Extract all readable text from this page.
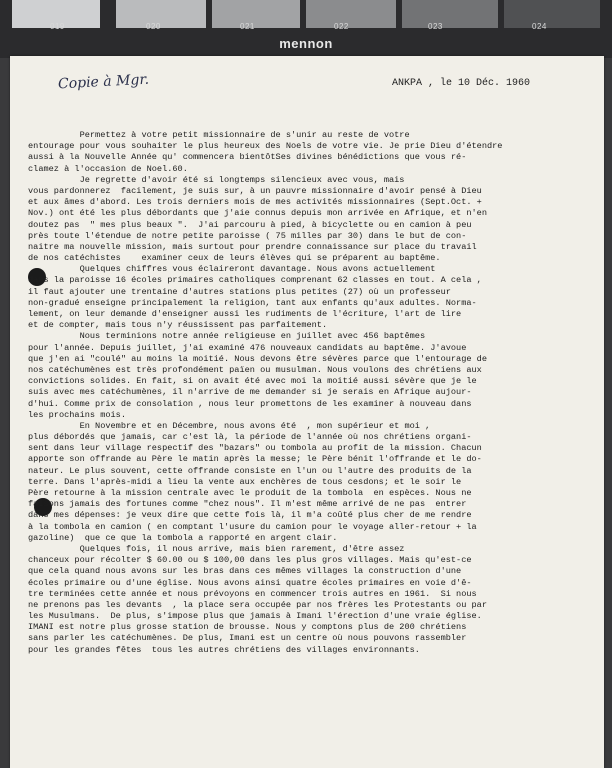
019	020	021	022	023	024
mennon
Copie à Mgr.	ANKPA , le 10 Déc. 1960
Permettez à votre petit missionnaire de s'unir au reste de votre
entourage pour vous souhaiter le plus heureux des Noels de votre vie. Je prie Dieu d'étendre
aussi à la Nouvelle Année qu' commencera bientôtSes divines bénédictions que vous ré-
clamez à l'occasion de Noel.60.
Je regrette d'avoir été si longtemps silencieux avec vous, mais
vous pardonnerez  facilement, je suis sur, à un pauvre missionnaire d'avoir pensé à Dieu
et aux âmes d'abord. Les trois derniers mois de mes activités missionnaires (Sept.Oct. +
Nov.) ont été les plus débordants que j'aie connus depuis mon arrivée en Afrique, et n'en
doutez pas  " mes plus beaux ".  J'ai parcouru à pied, à bicyclette ou en camion à peu
près toute l'étendue de notre petite paroisse ( 75 milles par 30) dans le but de con-
naitre ma nouvelle mission, mais surtout pour prendre connaissance sur place du travail
de nos catéchistes    examiner ceux de leurs élèves qui se préparent au baptême.
Quelques chiffres vous éclaireront davantage. Nous avons actuellement
dans la paroisse 16 écoles primaires catholiques comprenant 62 classes en tout. A cela ,
il faut ajouter une trentaine d'autres stations plus petites (27) où un professeur
non-gradué enseigne principalement la religion, tant aux enfants qu'aux adultes. Norma-
lement, on leur demande d'enseigner aussi les rudiments de l'écriture, l'art de lire
et de compter, mais tous n'y réussissent pas parfaitement.
Nous terminions notre année religieuse en juillet avec 456 baptêmes
pour l'année. Depuis juillet, j'ai examiné 476 nouveaux candidats au baptême. J'avoue
que j'en ai "coulé" au moins la moitié. Nous devons être sévères parce que l'entourage de
nos catéchumènes est très profondément païen ou musulman. Nous voulons des chrétiens aux
convictions solides. En fait, si on avait été avec moi la moitié aussi sévère que je le
suis avec mes catéchumènes, il n'arrive de me demander si je serais en Afrique aujour-
d'hui. Comme prix de consolation , nous leur promettons de les examiner à nouveau dans
les prochains mois.
En Novembre et en Décembre, nous avons été  , mon supérieur et moi ,
plus débordés que jamais, car c'est là, la période de l'année où nos chrétiens organi-
sent dans leur village respectif des "bazars" ou tombola au profit de la mission. Chacun
apporte son offrande au Père le matin après la messe; le Père bénit l'offrande et le do-
nateur. Le plus souvent, cette offrande consiste en l'un ou l'autre des produits de la
terre. Dans l'après-midi a lieu la vente aux enchères de tous cesdons; et le soir le
Père retourne à la mission centrale avec le produit de la tombola  en espèces. Nous ne
faisons jamais des fortunes comme "chez nous". Il m'est même arrivé de ne pas  entrer
dans mes dépenses: je veux dire que cette fois là, il m'a coûté plus cher de me rendre
à la tombola en camion ( en comptant l'usure du camion pour le voyage aller-retour + la
gazoline)  que ce que la tombola a rapporté en argent clair.
Quelques fois, il nous arrive, mais bien rarement, d'être assez
chanceux pour récolter $ 60.00 ou $ 100,00 dans les plus gros villages. Mais qu'est-ce
que cela quand nous avons sur les bras dans ces mêmes villages la construction d'une
écoles primaire ou d'une église. Nous avons ainsi quatre écoles primaires en voie d'ê-
tre terminées cette année et nous prévoyons en commencer trois autres en 1961.  Si nous
ne prenons pas les devants  , la place sera occupée par nos frères les Protestants ou par
les Musulmans.  De plus, s'impose plus que jamais à Imani l'érection d'une vraie église.
IMANI est notre plus grosse station de brousse. Nous y comptons plus de 200 chrétiens
sans parler les catéchumènes. De plus, Imani est un centre où nous pouvons rassembler
pour les grandes fêtes  tous les autres chrétiens des villages environnants.
